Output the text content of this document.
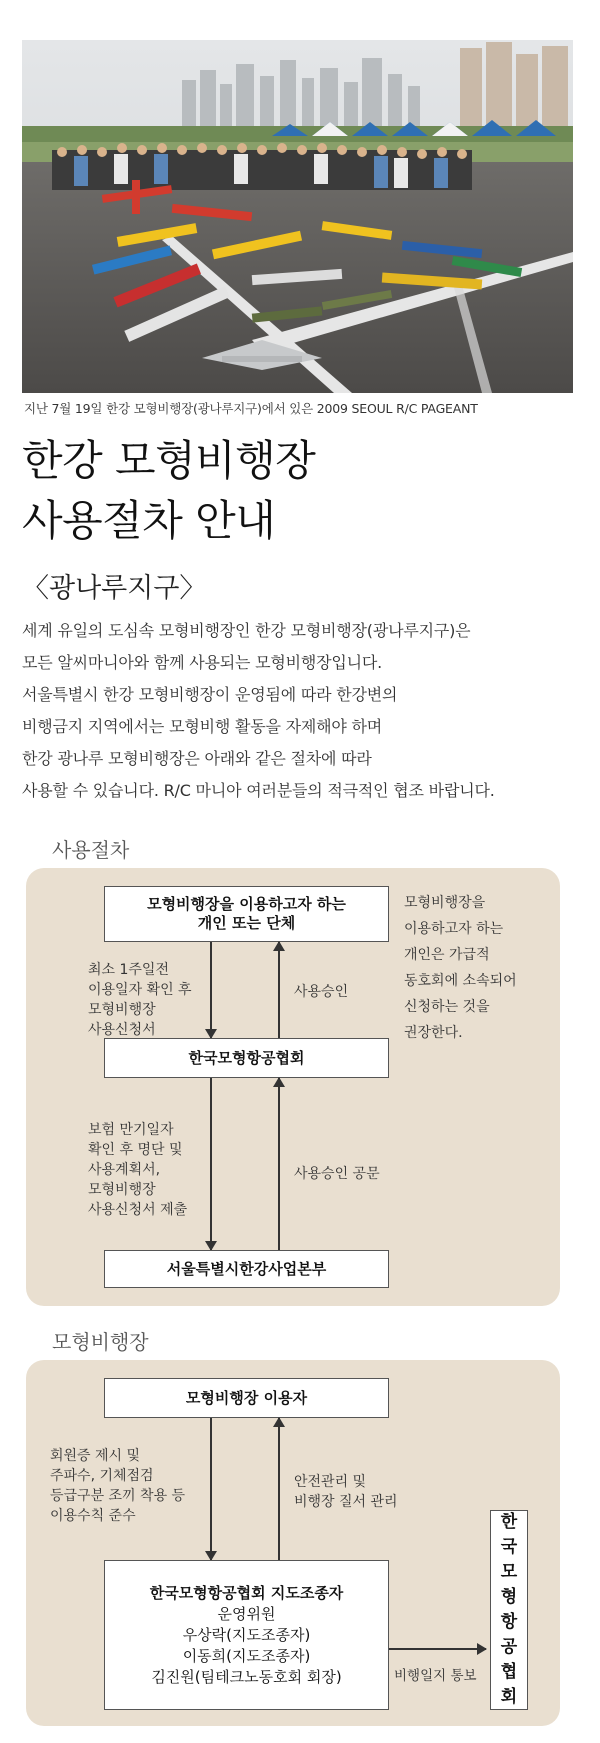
지난 7월 19일 한강 모형비행장(광나루지구)에서 있은 2009 SEOUL R/C PAGEANT
한강 모형비행장
사용절차 안내
〈광나루지구〉

세계 유일의 도심속 모형비행장인 한강 모형비행장(광나루지구)은

모든 알씨마니아와 함께 사용되는 모형비행장입니다.

서울특별시 한강 모형비행장이 운영됨에 따라 한강변의

비행금지 지역에서는 모형비행 활동을 자제해야 하며

한강 광나루 모형비행장은 아래와 같은 절차에 따라

사용할 수 있습니다. R/C 마니아 여러분들의 적극적인 협조 바랍니다.

사용절차
모형비행장을 이용하고자 하는
개인 또는 단체
모형비행장을
이용하고자 하는
개인은 가급적
동호회에 소속되어
신청하는 것을
권장한다.
최소 1주일전
이용일자 확인 후
모형비행장
사용신청서
사용승인
한국모형항공협회
보험 만기일자
확인 후 명단 및
사용계획서,
모형비행장
사용신청서 제출
사용승인 공문
서울특별시한강사업본부
모형비행장
모형비행장 이용자
회원증 제시 및
주파수, 기체점검
등급구분 조끼 착용 등
이용수칙 준수
안전관리 및
비행장 질서 관리
한국모형항공협회 지도조종자
운영위원
우상락(지도조종자)
이동희(지도조종자)
김진원(팀테크노동호회 회장)	비행일지 통보
한
국
모
형
항
공
협
회
